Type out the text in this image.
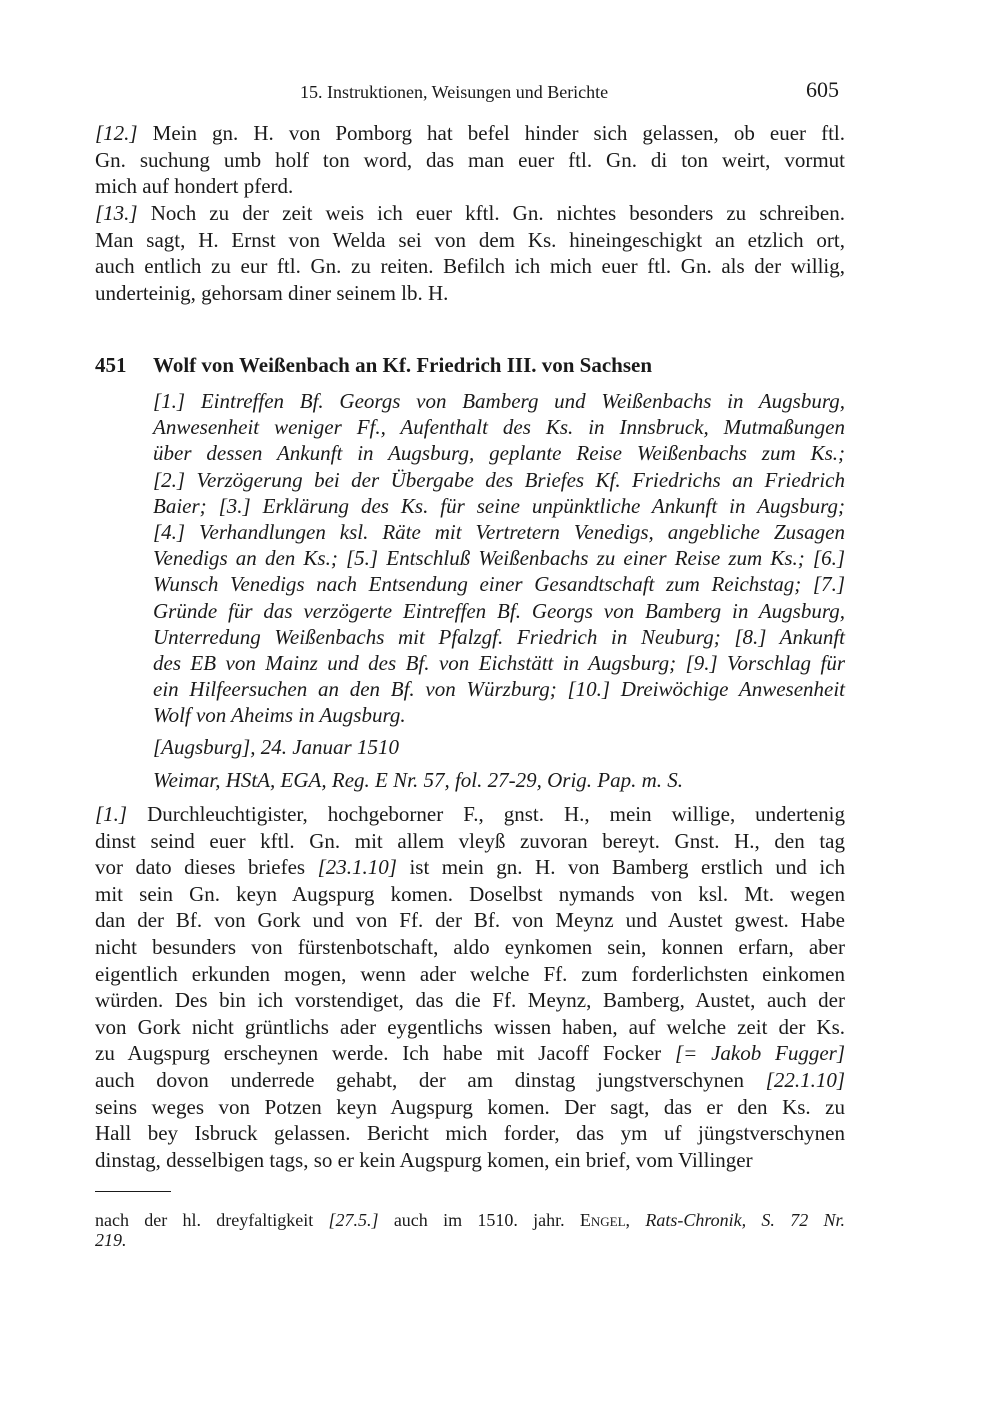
15. Instruktionen, Weisungen und Berichte	605
[12.] Mein gn. H. von Pomborg hat befel hinder sich gelassen, ob euer ftl.
Gn. suchung umb holf ton word, das man euer ftl. Gn. di ton weirt, vormut
mich auf hondert pferd.
[13.] Noch zu der zeit weis ich euer kftl. Gn. nichtes besonders zu schreiben.
Man sagt, H. Ernst von Welda sei von dem Ks. hineingeschigkt an etzlich ort,
auch entlich zu eur ftl. Gn. zu reiten. Befilch ich mich euer ftl. Gn. als der willig,
underteinig, gehorsam diner seinem lb. H.
451 Wolf von Weißenbach an Kf. Friedrich III. von Sachsen
[1.] Eintreffen Bf. Georgs von Bamberg und Weißenbachs in Augsburg,
Anwesenheit weniger Ff., Aufenthalt des Ks. in Innsbruck, Mutmaßungen
über dessen Ankunft in Augsburg, geplante Reise Weißenbachs zum Ks.;
[2.] Verzögerung bei der Übergabe des Briefes Kf. Friedrichs an Friedrich
Baier; [3.] Erklärung des Ks. für seine unpünktliche Ankunft in Augsburg;
[4.] Verhandlungen ksl. Räte mit Vertretern Venedigs, angebliche Zusagen
Venedigs an den Ks.; [5.] Entschluß Weißenbachs zu einer Reise zum Ks.; [6.]
Wunsch Venedigs nach Entsendung einer Gesandtschaft zum Reichstag; [7.]
Gründe für das verzögerte Eintreffen Bf. Georgs von Bamberg in Augsburg,
Unterredung Weißenbachs mit Pfalzgf. Friedrich in Neuburg; [8.] Ankunft
des EB von Mainz und des Bf. von Eichstätt in Augsburg; [9.] Vorschlag für
ein Hilfeersuchen an den Bf. von Würzburg; [10.] Dreiwöchige Anwesenheit
Wolf von Aheims in Augsburg.
[Augsburg], 24. Januar 1510
Weimar, HStA, EGA, Reg. E Nr. 57, fol. 27-29, Orig. Pap. m. S.
[1.] Durchleuchtigister, hochgeborner F., gnst. H., mein willige, undertenig
dinst seind euer kftl. Gn. mit allem vleyß zuvoran bereyt. Gnst. H., den tag
vor dato dieses briefes [23.1.10] ist mein gn. H. von Bamberg erstlich und ich
mit sein Gn. keyn Augspurg komen. Doselbst nymands von ksl. Mt. wegen
dan der Bf. von Gork und von Ff. der Bf. von Meynz und Austet gwest. Habe
nicht besunders von fürstenbotschaft, aldo eynkomen sein, konnen erfarn, aber
eigentlich erkunden mogen, wenn ader welche Ff. zum forderlichsten einkomen
würden. Des bin ich vorstendiget, das die Ff. Meynz, Bamberg, Austet, auch der
von Gork nicht grüntlichs ader eygentlichs wissen haben, auf welche zeit der Ks.
zu Augspurg erscheynen werde. Ich habe mit Jacoff Focker [= Jakob Fugger]
auch dovon underrede gehabt, der am dinstag jungstverschynen [22.1.10]
seins weges von Potzen keyn Augspurg komen. Der sagt, das er den Ks. zu
Hall bey Isbruck gelassen. Bericht mich forder, das ym uf jüngstverschynen
dinstag, desselbigen tags, so er kein Augspurg komen, ein brief, vom Villinger
nach der hl. dreyfaltigkeit [27.5.] auch im 1510. jahr. Engel, Rats-Chronik, S. 72 Nr.
219.
